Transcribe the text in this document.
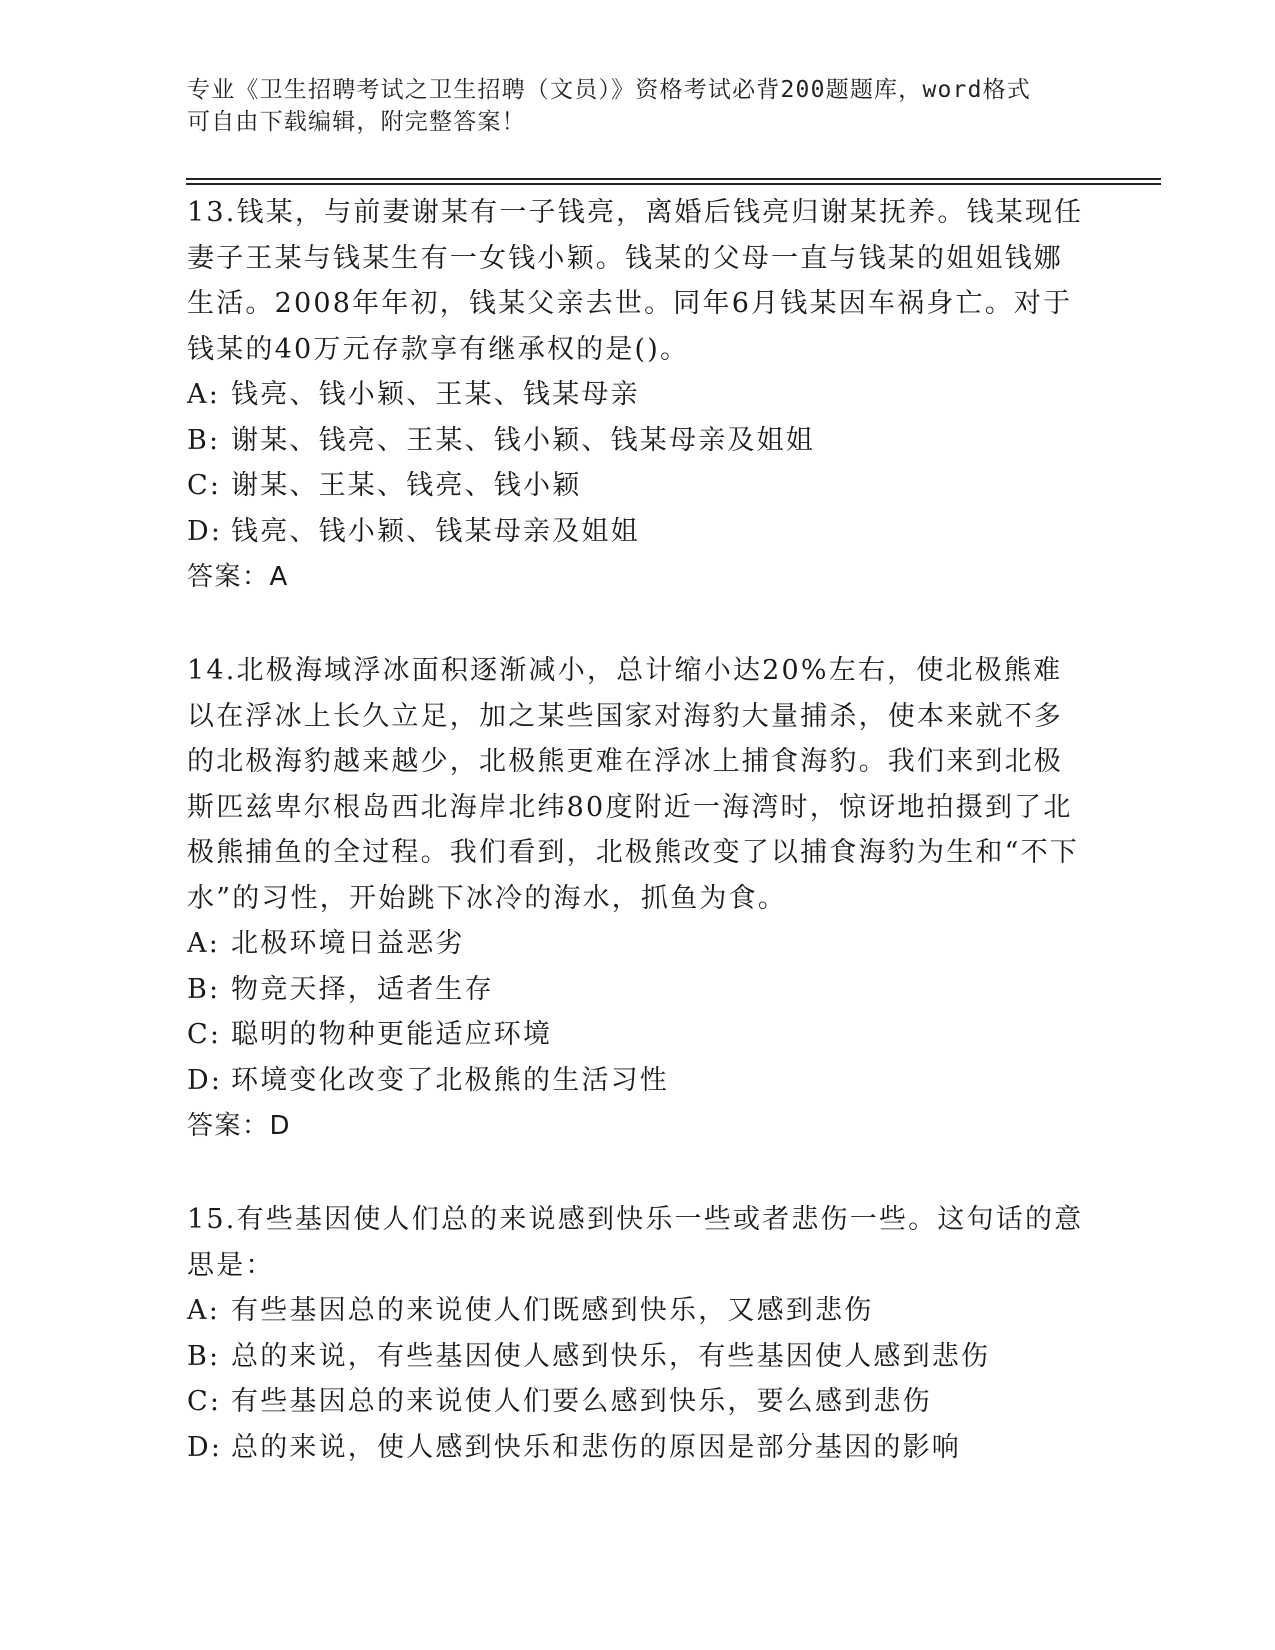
专业《卫生招聘考试之卫生招聘（文员）》资格考试必背200题题库，word格式
可自由下载编辑，附完整答案！

13.钱某，与前妻谢某有一子钱亮，离婚后钱亮归谢某抚养。钱某现任妻子王某与钱某生有一女钱小颖。钱某的父母一直与钱某的姐姐钱娜生活。2008年年初，钱某父亲去世。同年6月钱某因车祸身亡。对于钱某的40万元存款享有继承权的是()。

A: 钱亮、钱小颖、王某、钱某母亲

B: 谢某、钱亮、王某、钱小颖、钱某母亲及姐姐

C: 谢某、王某、钱亮、钱小颖

D: 钱亮、钱小颖、钱某母亲及姐姐

答案：A

14.北极海域浮冰面积逐渐减小，总计缩小达20%左右，使北极熊难以在浮冰上长久立足，加之某些国家对海豹大量捕杀，使本来就不多的北极海豹越来越少，北极熊更难在浮冰上捕食海豹。我们来到北极斯匹兹卑尔根岛西北海岸北纬80度附近一海湾时，惊讶地拍摄到了北极熊捕鱼的全过程。我们看到，北极熊改变了以捕食海豹为生和“不下水”的习性，开始跳下冰冷的海水，抓鱼为食。

A: 北极环境日益恶劣

B: 物竞天择，适者生存

C: 聪明的物种更能适应环境

D: 环境变化改变了北极熊的生活习性

答案：D

15.有些基因使人们总的来说感到快乐一些或者悲伤一些。这句话的意思是：

A: 有些基因总的来说使人们既感到快乐，又感到悲伤

B: 总的来说，有些基因使人感到快乐，有些基因使人感到悲伤

C: 有些基因总的来说使人们要么感到快乐，要么感到悲伤

D: 总的来说，使人感到快乐和悲伤的原因是部分基因的影响
